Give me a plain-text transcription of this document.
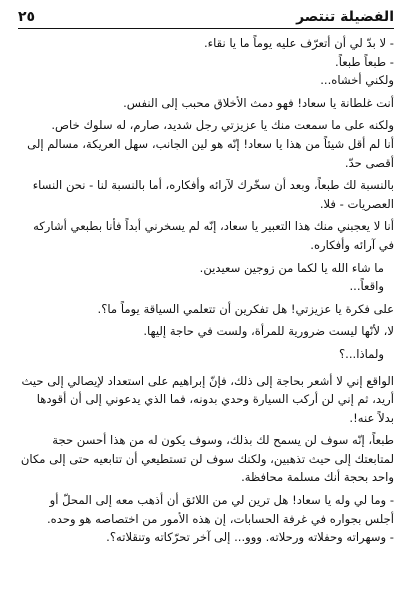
الفضيلة تنتصر
٢٥

- لا بدّ لي أن أتعرّف عليه يوماً ما يا نقاء.

- طبعاً طبعاً.

ولكني أخشاه...

أنت غلطانة يا سعاد! فهو دمث الأخلاق محبب إلى النفس.

ولكنه على ما سمعت منك يا عزيزتي رجل شديد، صارم، له سلوك خاص.

أنا لم أقل شيئاً من هذا يا سعاد! إنّه هو لين الجانب، سهل العريكة، مسالم إلى أقصى حدّ.

بالنسبة لك طبعاً، وبعد أن سخّرك لآرائه وأفكاره، أما بالنسبة لنا - نحن النساء العصريات - فلا.

أنا لا يعجبني منك هذا التعبير يا سعاد، إنّه لم يسخرني أبداً فأنا بطبعي أشاركه في آرائه وأفكاره.

ما شاء الله يا لكما من زوجين سعيدين.

واقعاً...

على فكرة يا عزيزتي! هل تفكرين أن تتعلمي السياقة يوماً ما؟.

لا، لأنّها ليست ضرورية للمرأة، ولست في حاجة إليها.

ولماذا...؟

الواقع إني لا أشعر بحاجة إلى ذلك، فإنّ إبراهيم على استعداد لإيصالي إلى حيث أريد، ثم إني لن أركب السيارة وحدي بدونه، فما الذي يدعوني إلى أن أقودها بدلاً عنه!.

طبعاً، إنّه سوف لن يسمح لك بذلك، وسوف يكون له من هذا أحسن حجة لمتابعتك إلى حيث تذهبين، ولكنك سوف لن تستطيعي أن تتابعيه حتى إلى مكان واحد بحجة أنك مسلمة محافظة.

- وما لي وله يا سعاد! هل ترين لي من اللائق أن أذهب معه إلى المحلّ أو أجلس بجواره في غرفة الحسابات، إن هذه الأمور من اختصاصه هو وحده.

- وسهراته وحفلاته ورحلاته. ووو... إلى آخر تحرّكاته وتنقلاته؟.
